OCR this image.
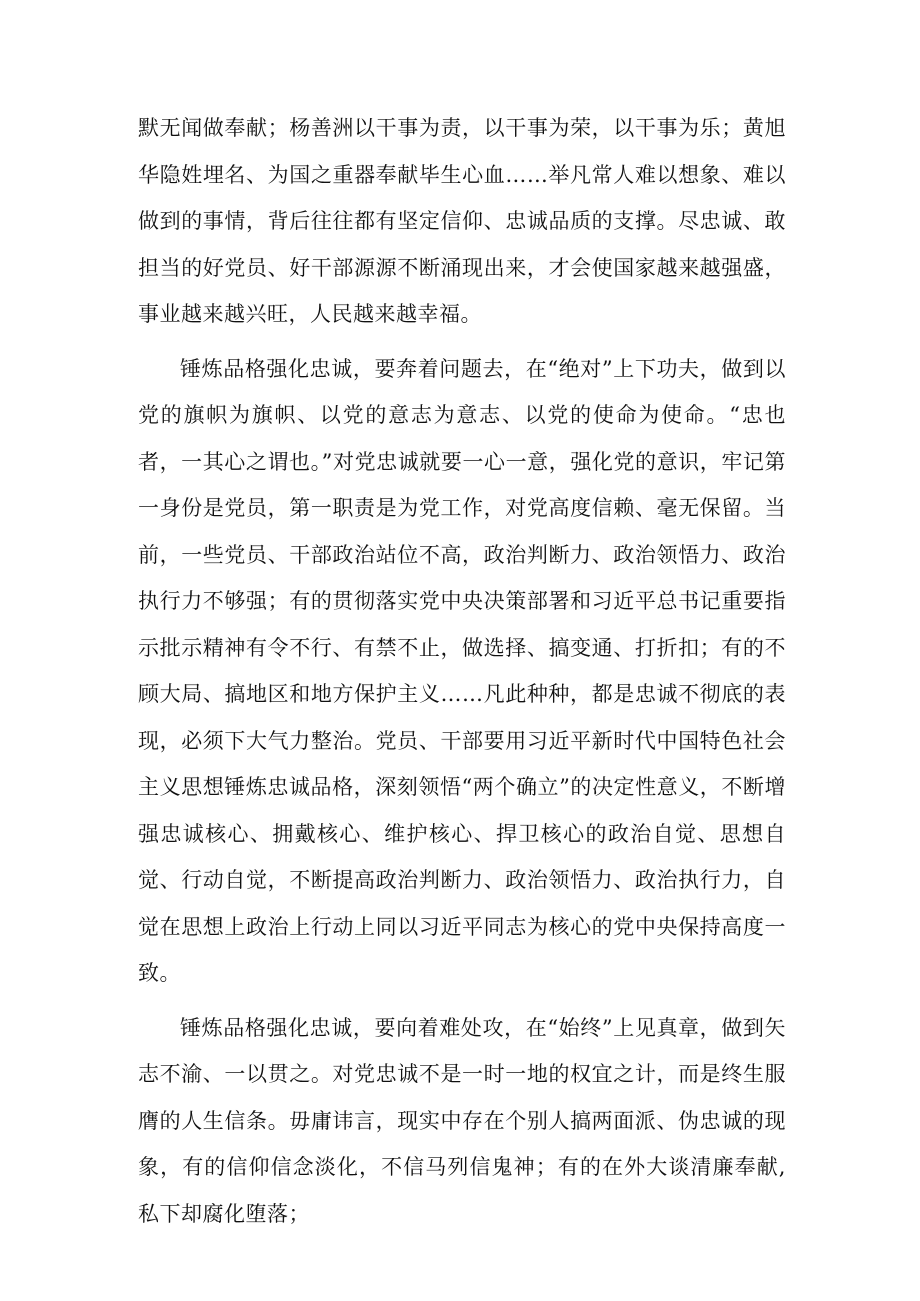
默无闻做奉献；杨善洲以干事为责，以干事为荣，以干事为乐；黄旭华隐姓埋名、为国之重器奉献毕生心血……举凡常人难以想象、难以做到的事情，背后往往都有坚定信仰、忠诚品质的支撑。尽忠诚、敢担当的好党员、好干部源源不断涌现出来，才会使国家越来越强盛，事业越来越兴旺，人民越来越幸福。

锤炼品格强化忠诚，要奔着问题去，在“绝对”上下功夫，做到以党的旗帜为旗帜、以党的意志为意志、以党的使命为使命。“忠也者，一其心之谓也。”对党忠诚就要一心一意，强化党的意识，牢记第一身份是党员，第一职责是为党工作，对党高度信赖、毫无保留。当前，一些党员、干部政治站位不高，政治判断力、政治领悟力、政治执行力不够强；有的贯彻落实党中央决策部署和习近平总书记重要指示批示精神有令不行、有禁不止，做选择、搞变通、打折扣；有的不顾大局、搞地区和地方保护主义……凡此种种，都是忠诚不彻底的表现，必须下大气力整治。党员、干部要用习近平新时代中国特色社会主义思想锤炼忠诚品格，深刻领悟“两个确立”的决定性意义，不断增强忠诚核心、拥戴核心、维护核心、捍卫核心的政治自觉、思想自觉、行动自觉，不断提高政治判断力、政治领悟力、政治执行力，自觉在思想上政治上行动上同以习近平同志为核心的党中央保持高度一致。

锤炼品格强化忠诚，要向着难处攻，在“始终”上见真章，做到矢志不渝、一以贯之。对党忠诚不是一时一地的权宜之计，而是终生服膺的人生信条。毋庸讳言，现实中存在个别人搞两面派、伪忠诚的现象，有的信仰信念淡化，不信马列信鬼神；有的在外大谈清廉奉献,私下却腐化堕落；
